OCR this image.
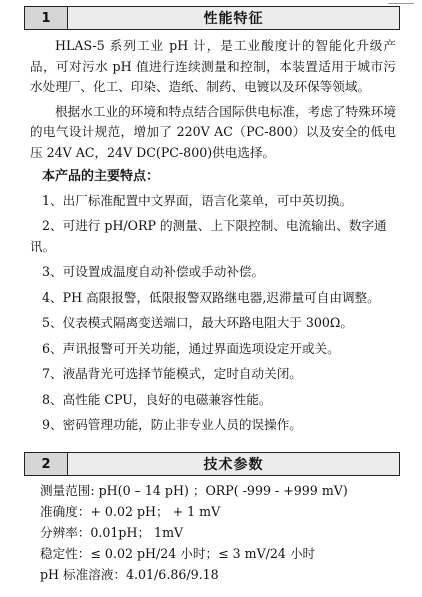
1	性能特征

HLAS-5 系列工业 pH 计，是工业酸度计的智能化升级产品，可对污水 pH 值进行连续测量和控制，本装置适用于城市污水处理厂、化工、印染、造纸、制药、电镀以及环保等领域。

根据水工业的环境和特点结合国际供电标准，考虑了特殊环境的电气设计规范，增加了 220V AC（PC-800）以及安全的低电压 24V AC，24V DC(PC-800)供电选择。

本产品的主要特点：
1、出厂标准配置中文界面，语言化菜单，可中英切换。
2、可进行 pH/ORP 的测量、上下限控制、电流输出、数字通讯。
3、可设置成温度自动补偿或手动补偿。
4、PH 高限报警，低限报警双路继电器,迟滞量可自由调整。
5、仪表模式隔离变送端口，最大环路电阻大于 300Ω。
6、声讯报警可开关功能，通过界面选项设定开或关。
7、液晶背光可选择节能模式，定时自动关闭。
8、高性能 CPU，良好的电磁兼容性能。
9、密码管理功能，防止非专业人员的误操作。
2	技术参数
测量范围: pH(0 – 14 pH) ；ORP( -999 - +999 mV)
准确度：+ 0.02 pH； + 1 mV
分辨率：0.01pH； 1mV
稳定性：≤ 0.02 pH/24 小时；≤ 3 mV/24 小时
pH 标准溶液：4.01/6.86/9.18
